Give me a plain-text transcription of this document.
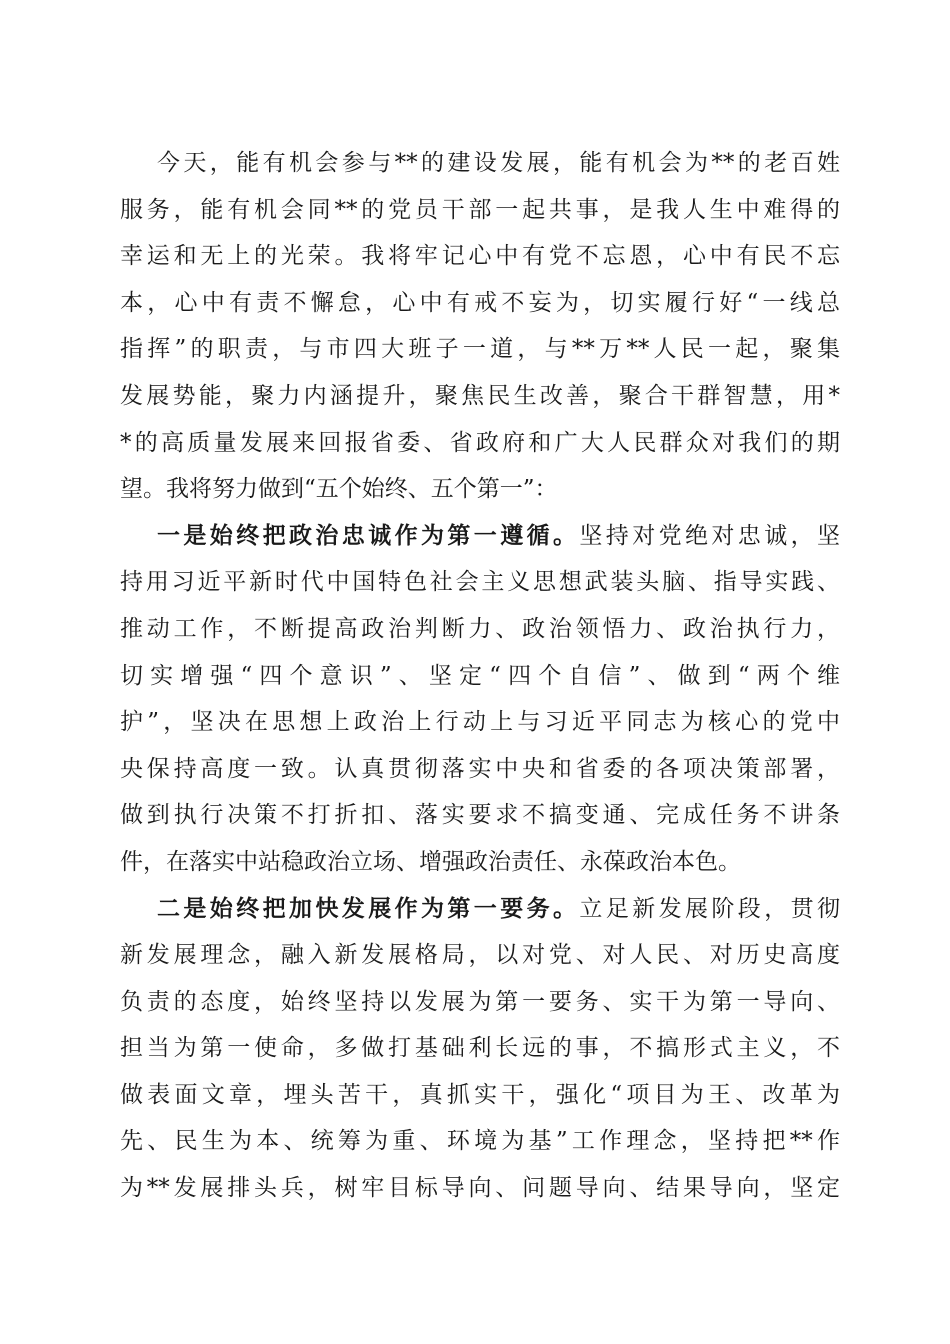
今天，能有机会参与**的建设发展，能有机会为**的老百姓
服务，能有机会同**的党员干部一起共事，是我人生中难得的
幸运和无上的光荣。我将牢记心中有党不忘恩，心中有民不忘
本，心中有责不懈怠，心中有戒不妄为，切实履行好“一线总
指挥”的职责，与市四大班子一道，与**万**人民一起，聚集
发展势能，聚力内涵提升，聚焦民生改善，聚合干群智慧，用*
*的高质量发展来回报省委、省政府和广大人民群众对我们的期
望。我将努力做到“五个始终、五个第一”：
一是始终把政治忠诚作为第一遵循。坚持对党绝对忠诚，坚
持用习近平新时代中国特色社会主义思想武装头脑、指导实践、
推动工作，不断提高政治判断力、政治领悟力、政治执行力，
切实增强“四个意识”、坚定“四个自信”、做到“两个维
护”，坚决在思想上政治上行动上与习近平同志为核心的党中
央保持高度一致。认真贯彻落实中央和省委的各项决策部署，
做到执行决策不打折扣、落实要求不搞变通、完成任务不讲条
件，在落实中站稳政治立场、增强政治责任、永葆政治本色。
二是始终把加快发展作为第一要务。立足新发展阶段，贯彻
新发展理念，融入新发展格局，以对党、对人民、对历史高度
负责的态度，始终坚持以发展为第一要务、实干为第一导向、
担当为第一使命，多做打基础利长远的事，不搞形式主义，不
做表面文章，埋头苦干，真抓实干，强化“项目为王、改革为
先、民生为本、统筹为重、环境为基”工作理念，坚持把**作
为**发展排头兵，树牢目标导向、问题导向、结果导向，坚定
